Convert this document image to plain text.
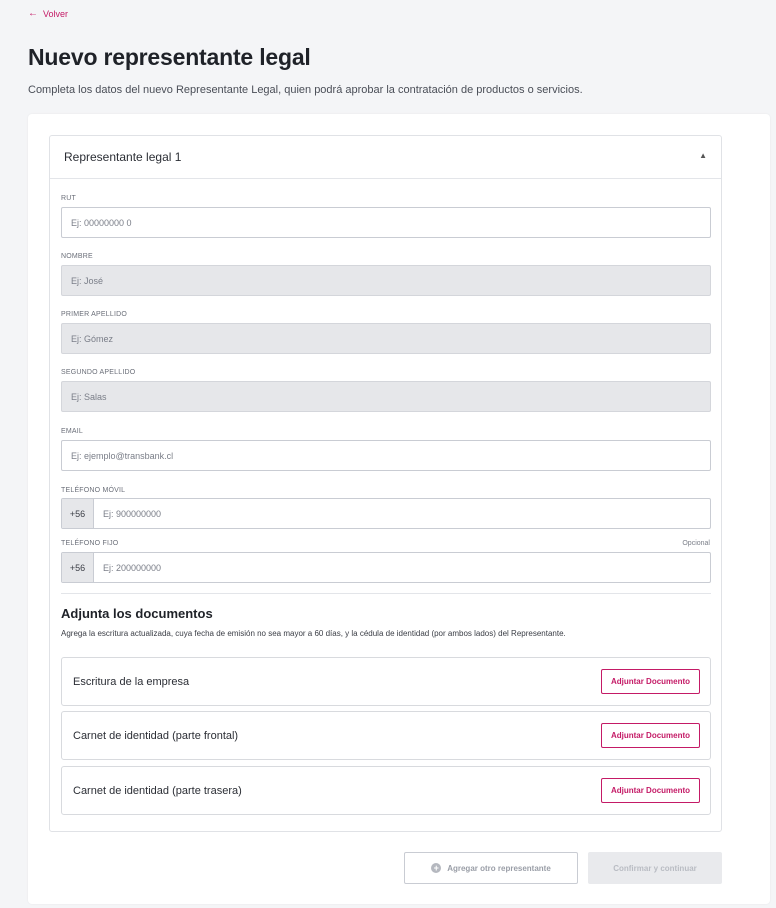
← Volver
Nuevo representante legal

Completa los datos del nuevo Representante Legal, quien podrá aprobar la contratación de productos o servicios.

Representante legal 1	▲
RUT
Ej: 00000000 0
NOMBRE
Ej: José
PRIMER APELLIDO
Ej: Gómez
SEGUNDO APELLIDO
Ej: Salas
EMAIL
Ej: ejemplo@transbank.cl
TELÉFONO MÓVIL
+56
Ej: 900000000
TELÉFONO FIJO	Opcional
+56
Ej: 200000000
Adjunta los documentos

Agrega la escritura actualizada, cuya fecha de emisión no sea mayor a 60 días, y la cédula de identidad (por ambos lados) del Representante.

Escritura de la empresa	Adjuntar Documento
Carnet de identidad (parte frontal)	Adjuntar Documento
Carnet de identidad (parte trasera)	Adjuntar Documento
+ Agregar otro representante	Confirmar y continuar
